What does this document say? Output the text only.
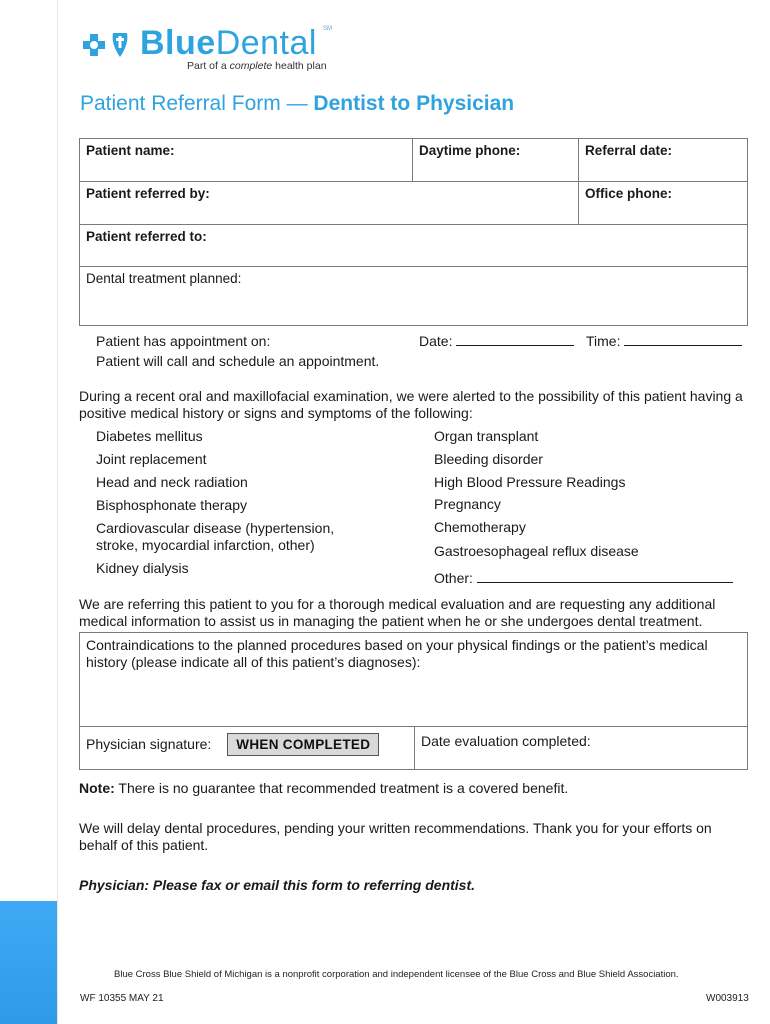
BlueDental SM
Part of a complete health plan
Patient Referral Form — Dentist to Physician
Patient name:	Daytime phone:	Referral date:
Patient referred by:		Office phone:
Patient referred to:		
Dental treatment planned:		
Patient has appointment on:	Date:	Time:
Patient will call and schedule an appointment.
During a recent oral and maxillofacial examination, we were alerted to the possibility of this patient having a positive medical history or signs and symptoms of the following:
Diabetes mellitus
Joint replacement
Head and neck radiation
Bisphosphonate therapy
Cardiovascular disease (hypertension, stroke, myocardial infarction, other)
Kidney dialysis
Organ transplant
Bleeding disorder
High Blood Pressure Readings
Pregnancy
Chemotherapy
Gastroesophageal reflux disease
Other:
We are referring this patient to you for a thorough medical evaluation and are requesting any additional medical information to assist us in managing the patient when he or she undergoes dental treatment.
Contraindications to the planned procedures based on your physical findings or the patient’s medical history (please indicate all of this patient’s diagnoses):
Physician signature: WHEN COMPLETED	Date evaluation completed:
Note: There is no guarantee that recommended treatment is a covered benefit.
We will delay dental procedures, pending your written recommendations. Thank you for your efforts on behalf of this patient.
Physician: Please fax or email this form to referring dentist.
Blue Cross Blue Shield of Michigan is a nonprofit corporation and independent licensee of the Blue Cross and Blue Shield Association.
WF 10355 MAY 21	W003913
